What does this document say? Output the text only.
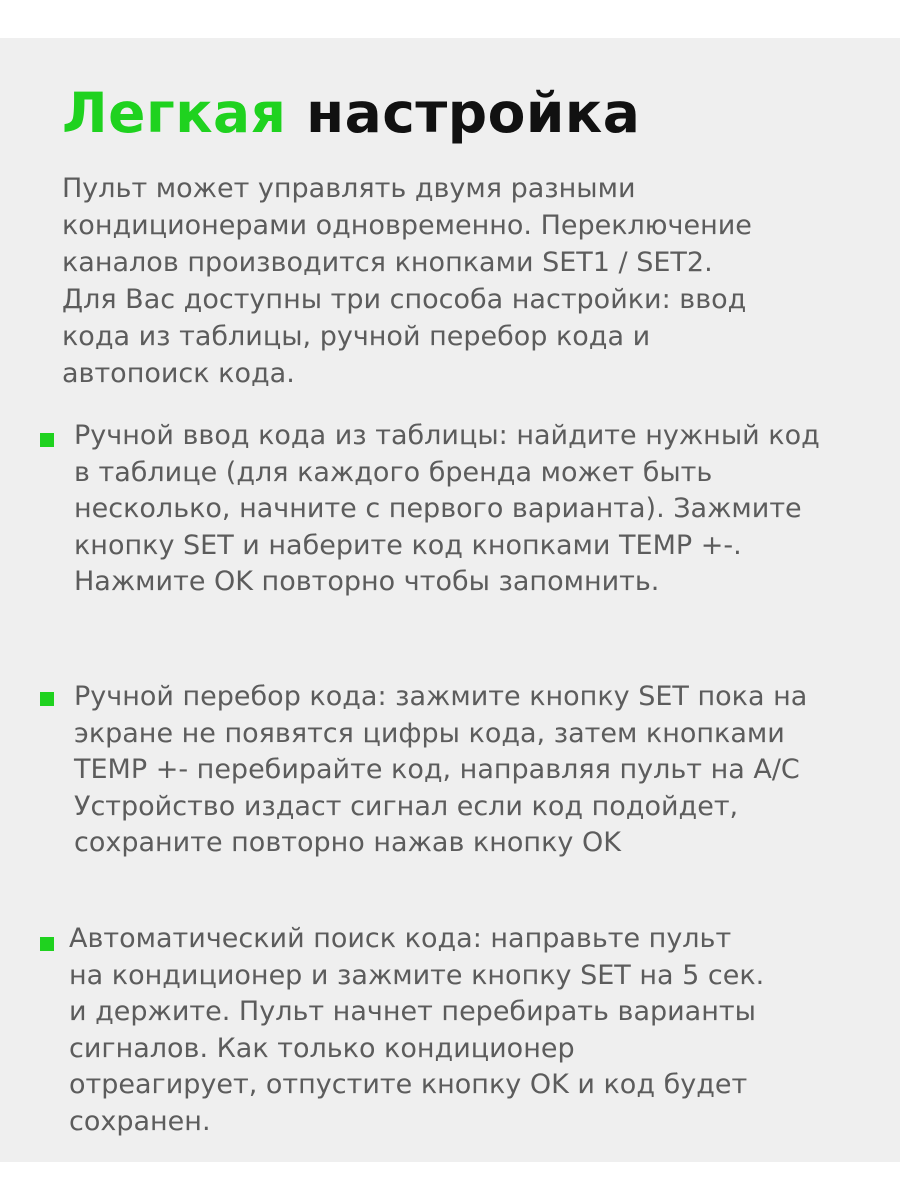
Легкая настройка

Пульт может управлять двумя разными
кондиционерами одновременно. Переключение
каналов производится кнопками SET1 / SET2.
Для Вас доступны три способа настройки: ввод
кода из таблицы, ручной перебор кода и
автопоиск кода.

Ручной ввод кода из таблицы: найдите нужный код
в таблице (для каждого бренда может быть
несколько, начните с первого варианта). Зажмите
кнопку SET и наберите код кнопками TEMP +-.
Нажмите OK повторно чтобы запомнить.
Ручной перебор кода: зажмите кнопку SET пока на
экране не появятся цифры кода, затем кнопками
TEMP +- перебирайте код, направляя пульт на A/C
Устройство издаст сигнал если код подойдет,
сохраните повторно нажав кнопку OK
Автоматический поиск кода: направьте пульт
на кондиционер и зажмите кнопку SET на 5 сек.
и держите. Пульт начнет перебирать варианты
сигналов. Как только кондиционер
отреагирует, отпустите кнопку OK и код будет
сохранен.
